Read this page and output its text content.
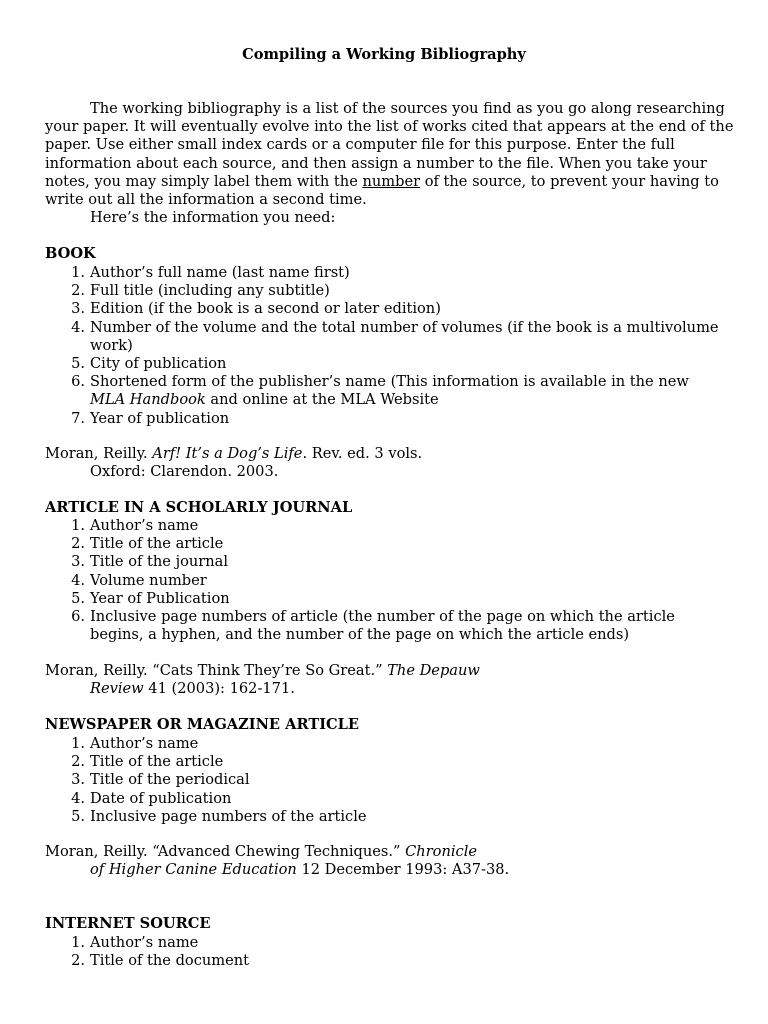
Compiling a Working Bibliography
The working bibliography is a list of the sources you find as you go along researching your paper. It will eventually evolve into the list of works cited that appears at the end of the paper. Use either small index cards or a computer file for this purpose. Enter the full information about each source, and then assign a number to the file. When you take your notes, you may simply label them with the number of the source, to prevent your having to write out all the information a second time.
Here’s the information you need:
BOOK
1. Author’s full name (last name first)
2. Full title (including any subtitle)
3. Edition (if the book is a second or later edition)
4. Number of the volume and the total number of volumes (if the book is a multivolume work)
5. City of publication
6. Shortened form of the publisher’s name (This information is available in the new MLA Handbook and online at the MLA Website
7. Year of publication
Moran, Reilly. Arf! It’s a Dog’s Life. Rev. ed. 3 vols.
Oxford: Clarendon. 2003.
ARTICLE IN A SCHOLARLY JOURNAL
1. Author’s name
2. Title of the article
3. Title of the journal
4. Volume number
5. Year of Publication
6. Inclusive page numbers of article (the number of the page on which the article begins, a hyphen, and the number of the page on which the article ends)
Moran, Reilly. “Cats Think They’re So Great.” The Depauw
Review 41 (2003): 162-171.
NEWSPAPER OR MAGAZINE ARTICLE
1. Author’s name
2. Title of the article
3. Title of the periodical
4. Date of publication
5. Inclusive page numbers of the article
Moran, Reilly. “Advanced Chewing Techniques.” Chronicle
of Higher Canine Education 12 December 1993: A37-38.
INTERNET SOURCE
1. Author’s name
2. Title of the document
